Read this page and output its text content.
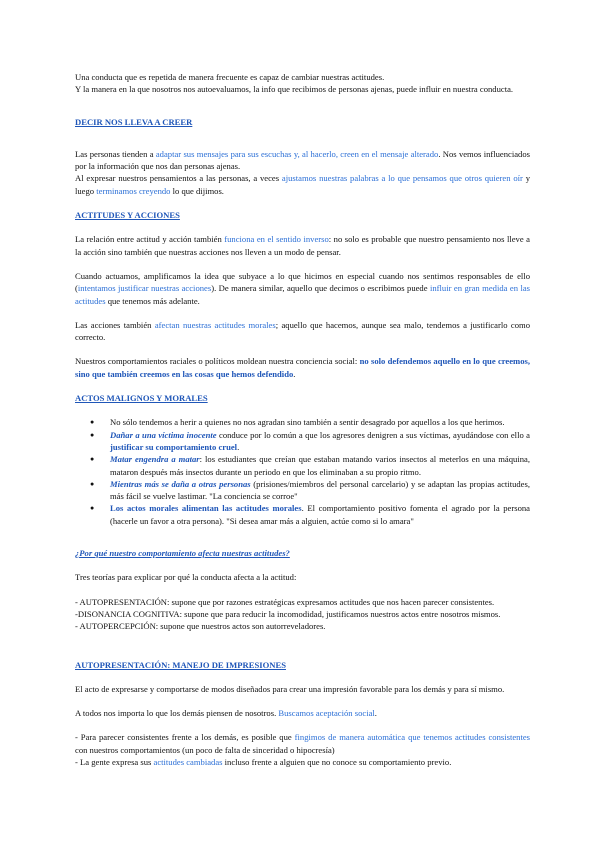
Una conducta que es repetida de manera frecuente es capaz de cambiar nuestras actitudes.

Y la manera en la que nosotros nos autoevaluamos, la info que recibimos de personas ajenas, puede influir en nuestra conducta.

DECIR NOS LLEVA A CREER

Las personas tienden a adaptar sus mensajes para sus escuchas y, al hacerlo, creen en el mensaje alterado. Nos vemos influenciados por la información que nos dan personas ajenas.

Al expresar nuestros pensamientos a las personas, a veces ajustamos nuestras palabras a lo que pensamos que otros quieren oír y luego terminamos creyendo lo que dijimos.

ACTITUDES Y ACCIONES

La relación entre actitud y acción también funciona en el sentido inverso: no solo es probable que nuestro pensamiento nos lleve a la acción sino también que nuestras acciones nos lleven a un modo de pensar.

Cuando actuamos, amplificamos la idea que subyace a lo que hicimos en especial cuando nos sentimos responsables de ello (intentamos justificar nuestras acciones). De manera similar, aquello que decimos o escribimos puede influir en gran medida en las actitudes que tenemos más adelante.

Las acciones también afectan nuestras actitudes morales; aquello que hacemos, aunque sea malo, tendemos a justificarlo como correcto.

Nuestros comportamientos raciales o políticos moldean nuestra conciencia social: no solo defendemos aquello en lo que creemos, sino que también creemos en las cosas que hemos defendido.

ACTOS MALIGNOS Y MORALES

● No sólo tendemos a herir a quienes no nos agradan sino también a sentir desagrado por aquellos a los que herimos.
● Dañar a una víctima inocente conduce por lo común a que los agresores denigren a sus víctimas, ayudándose con ello a justificar su comportamiento cruel.
● Matar engendra a matar: los estudiantes que creían que estaban matando varios insectos al meterlos en una máquina, mataron después más insectos durante un periodo en que los eliminaban a su propio ritmo.
● Mientras más se daña a otras personas (prisiones/miembros del personal carcelario) y se adaptan las propias actitudes, más fácil se vuelve lastimar. "La conciencia se corroe"
● Los actos morales alimentan las actitudes morales. El comportamiento positivo fomenta el agrado por la persona (hacerle un favor a otra persona). "Si desea amar más a alguien, actúe como si lo amara"

¿Por qué nuestro comportamiento afecta nuestras actitudes?

Tres teorías para explicar por qué la conducta afecta a la actitud:

- AUTOPRESENTACIÓN: supone que por razones estratégicas expresamos actitudes que nos hacen parecer consistentes.

-DISONANCIA COGNITIVA: supone que para reducir la incomodidad, justificamos nuestros actos entre nosotros mismos.

- AUTOPERCEPCIÓN: supone que nuestros actos son autorreveladores.

AUTOPRESENTACIÓN: MANEJO DE IMPRESIONES

El acto de expresarse y comportarse de modos diseñados para crear una impresión favorable para los demás y para sí mismo.

A todos nos importa lo que los demás piensen de nosotros. Buscamos aceptación social.

- Para parecer consistentes frente a los demás, es posible que fingimos de manera automática que tenemos actitudes consistentes con nuestros comportamientos (un poco de falta de sinceridad o hipocresía)

- La gente expresa sus actitudes cambiadas incluso frente a alguien que no conoce su comportamiento previo.
